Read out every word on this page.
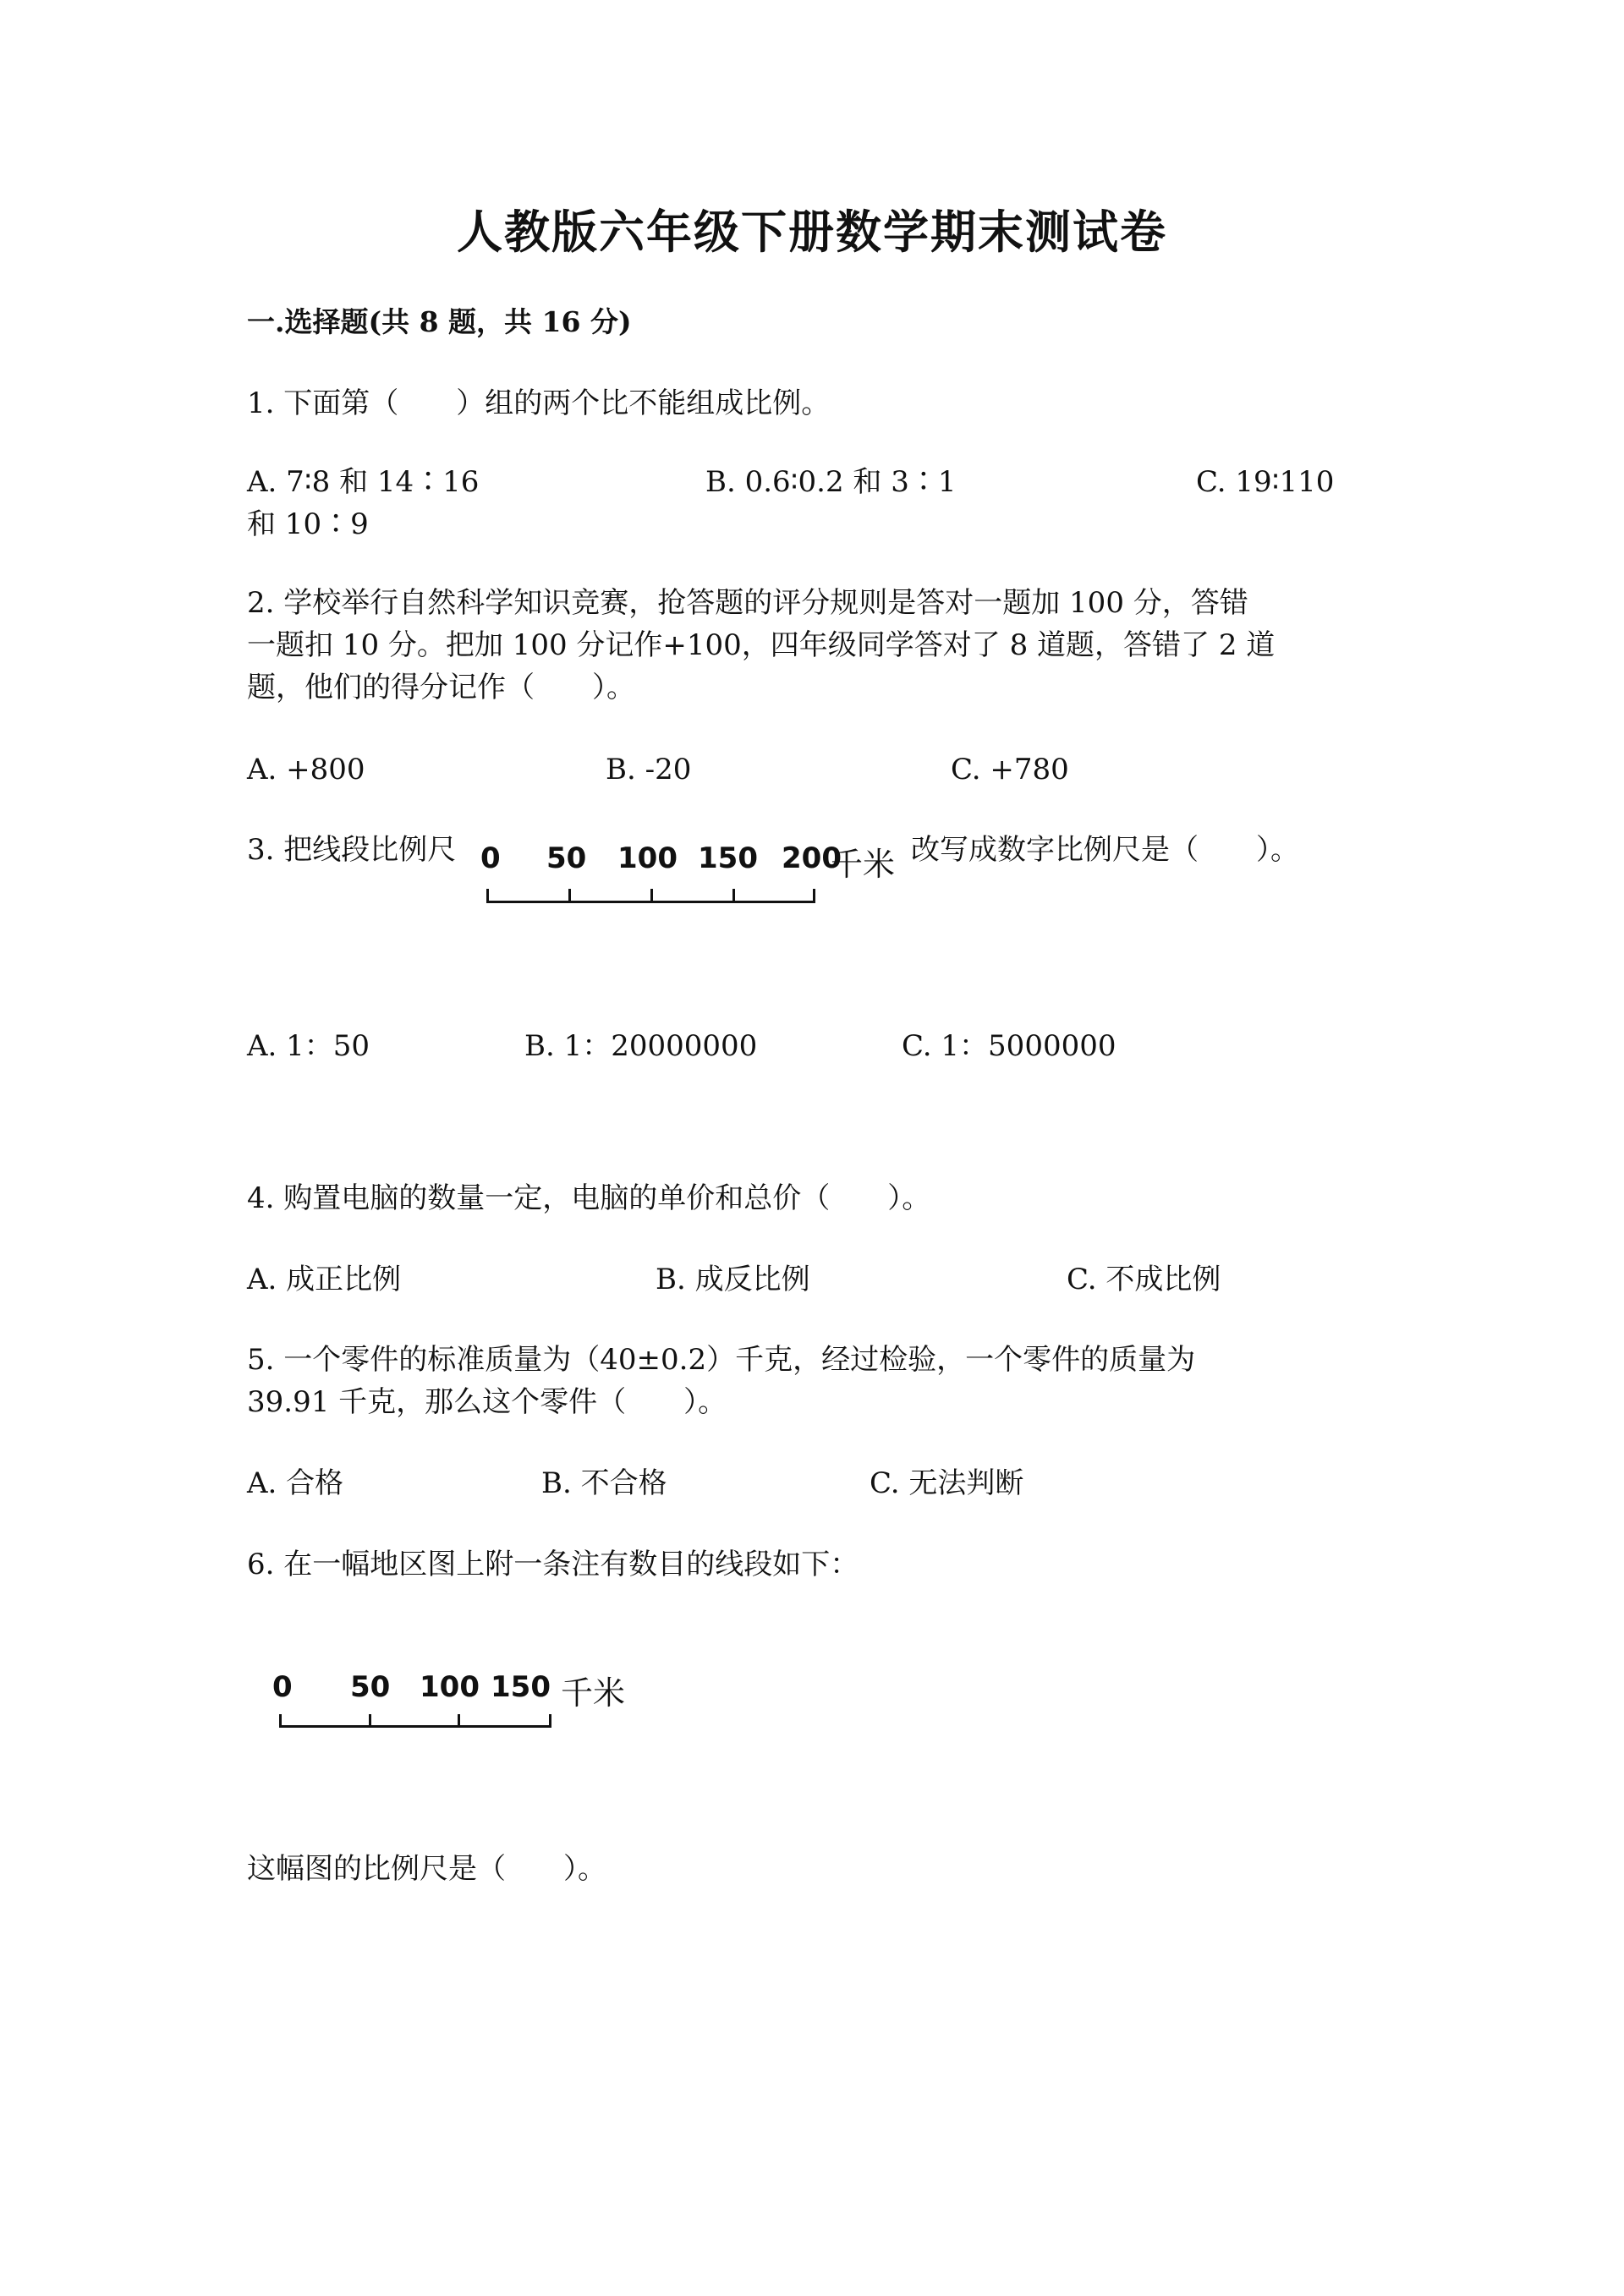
人教版六年级下册数学期末测试卷
一.选择题(共 8 题，共 16 分)
1. 下面第（　　）组的两个比不能组成比例。
A. 7∶8 和 14∶16	B. 0.6∶0.2 和 3∶1	C. 19∶110
和 10∶9
2. 学校举行自然科学知识竞赛，抢答题的评分规则是答对一题加 100 分，答错
一题扣 10 分。把加 100 分记作+100，四年级同学答对了 8 道题，答错了 2 道
题，他们的得分记作（　　）。
A. +800	B. -20	C. +780
3. 把线段比例尺 0 50 100 150 200
千米 改写成数字比例尺是（　　）。
A. 1：50	B. 1：20000000	C. 1：5000000
4. 购置电脑的数量一定，电脑的单价和总价（　　）。
A. 成正比例	B. 成反比例	C. 不成比例
5. 一个零件的标准质量为（40±0.2）千克，经过检验，一个零件的质量为
39.91 千克，那么这个零件（　　）。
A. 合格	B. 不合格	C. 无法判断
6. 在一幅地区图上附一条注有数目的线段如下：
0 50 100 150 千米
这幅图的比例尺是（　　）。
